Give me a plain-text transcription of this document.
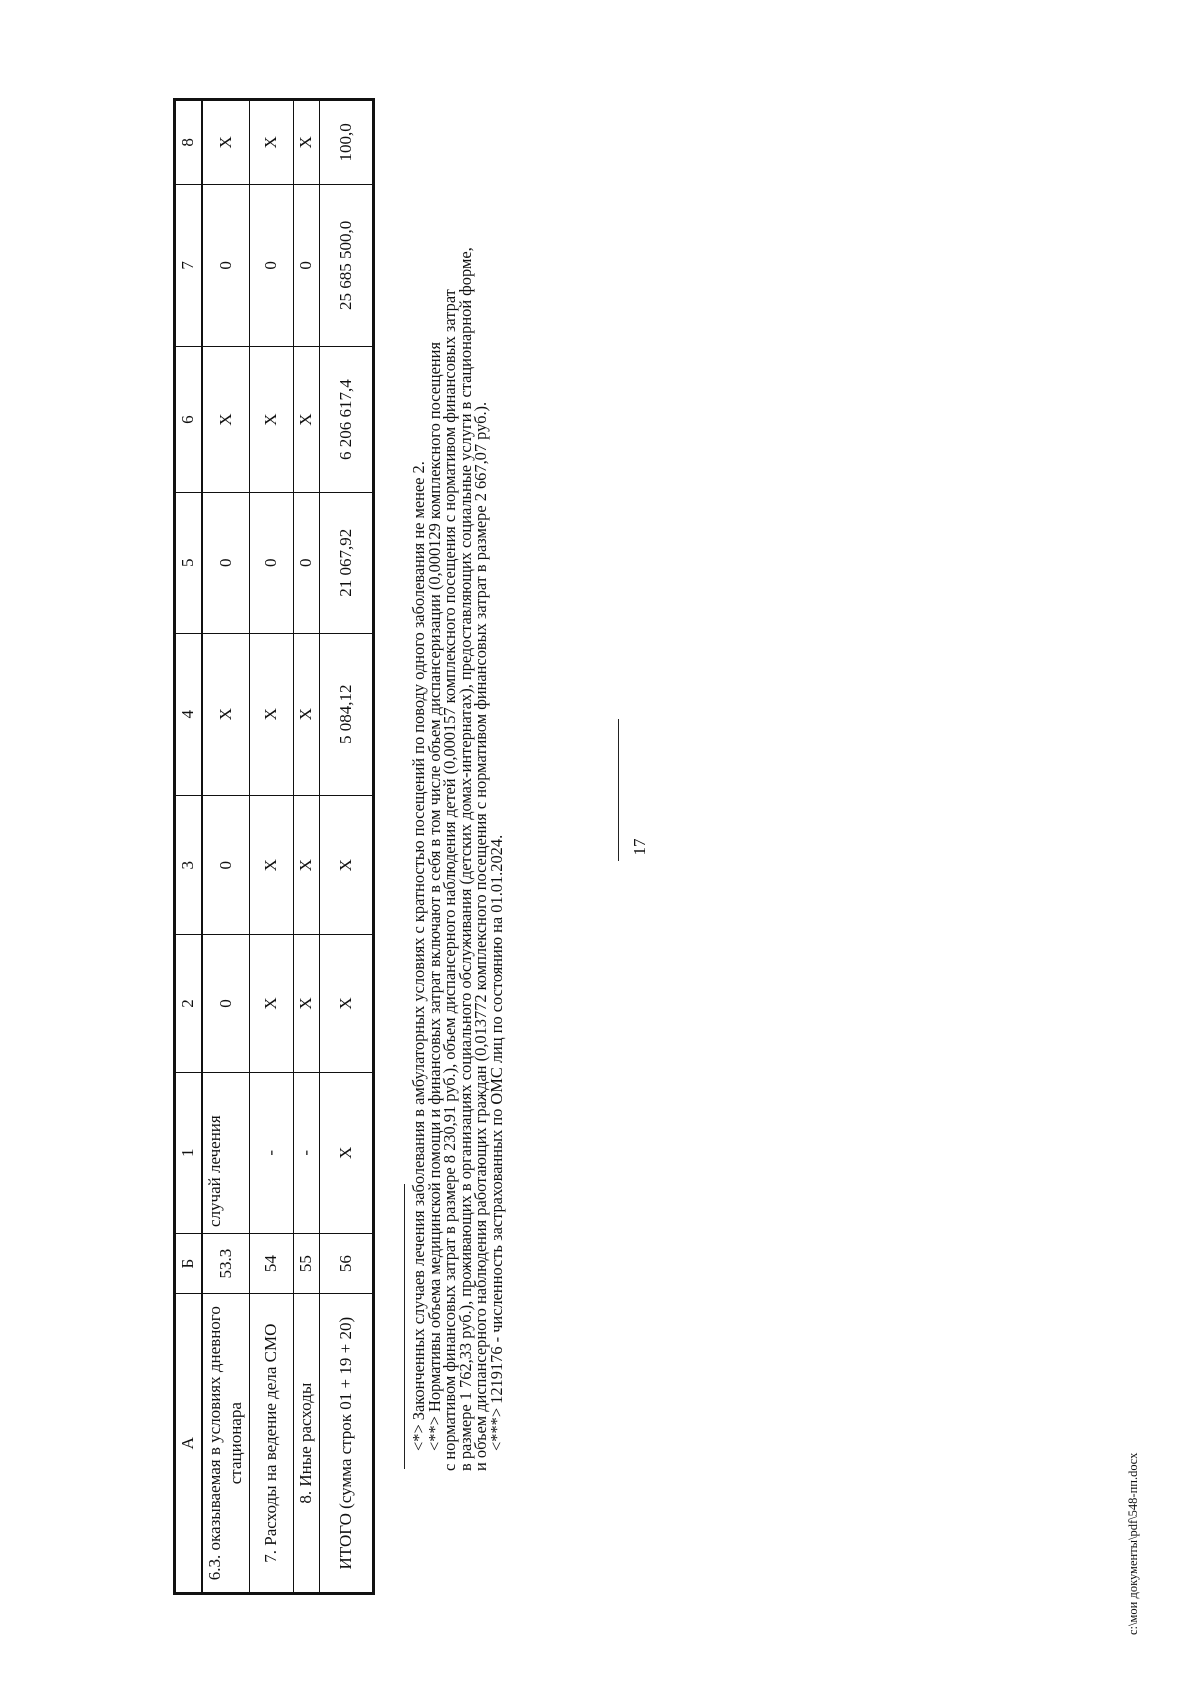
17
А	Б	1	2	3	4	5	6	7	8
6.3. оказываемая в условиях дневного стационара	53.3	случай лечения	0	0	Х	0	Х	0	Х
7. Расходы на ведение дела СМО	54	-	Х	Х	Х	0	Х	0	Х
8. Иные расходы	55	-	Х	Х	Х	0	Х	0	Х
ИТОГО (сумма строк 01 + 19 + 20)	56	Х	Х	Х	5 084,12	21 067,92	6 206 617,4	25 685 500,0	100,0

<*> Законченных случаев лечения заболевания в амбулаторных условиях с кратностью посещений по поводу одного заболевания не менее 2.

<**> Нормативы объема медицинской помощи и финансовых затрат включают в себя в том числе объем диспансеризации (0,000129 комплексного посещения

с нормативом финансовых затрат в размере 8 230,91 руб.), объем диспансерного наблюдения детей (0,000157 комплексного посещения с нормативом финансовых затрат

в размере 1 762,33 руб.), проживающих в организациях социального обслуживания (детских домах-интернатах), предоставляющих социальные услуги в стационарной форме,

и объем диспансерного наблюдения работающих граждан (0,013772 комплексного посещения с нормативом финансовых затрат в размере 2 667,07 руб.).

<***> 1219176 - численность застрахованных по ОМС лиц по состоянию на 01.01.2024.

c:\мои документы\pdf\548-пп.docx
